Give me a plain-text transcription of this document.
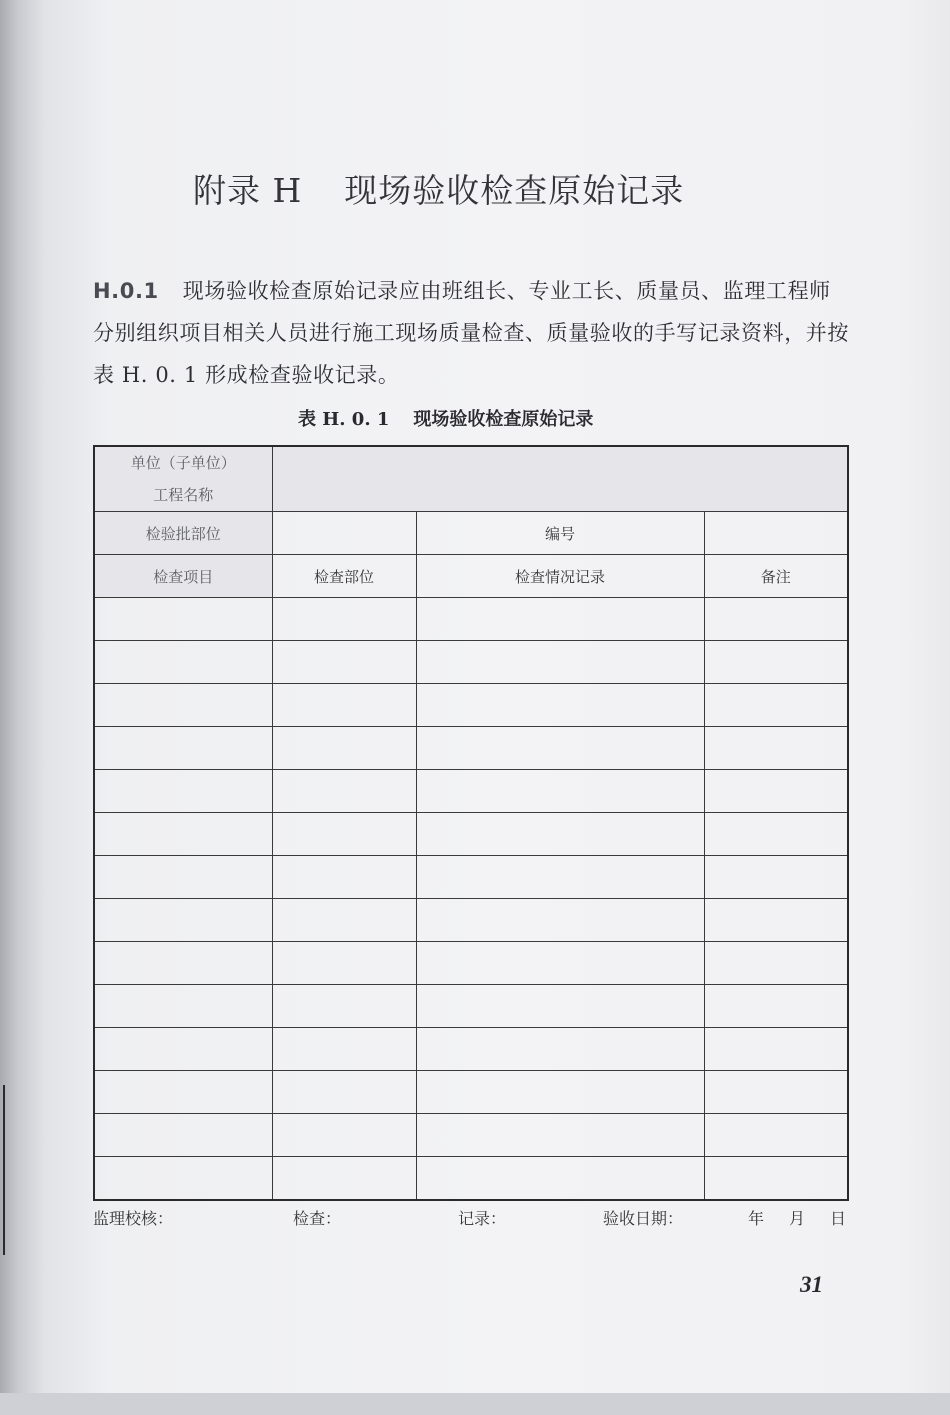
附录 H 现场验收检查原始记录
H.0.1 现场验收检查原始记录应由班组长、专业工长、质量员、监理工程师分别组织项目相关人员进行施工现场质量检查、质量验收的手写记录资料，并按表 H. 0. 1 形成检查验收记录。
表 H. 0. 1 现场验收检查原始记录
单位（子单位）
工程名称			

检验批部位		编号	
检查项目	检查部位	检查情况记录	备注

监理校核：	检查：	记录：	验收日期：	年 月 日
31
